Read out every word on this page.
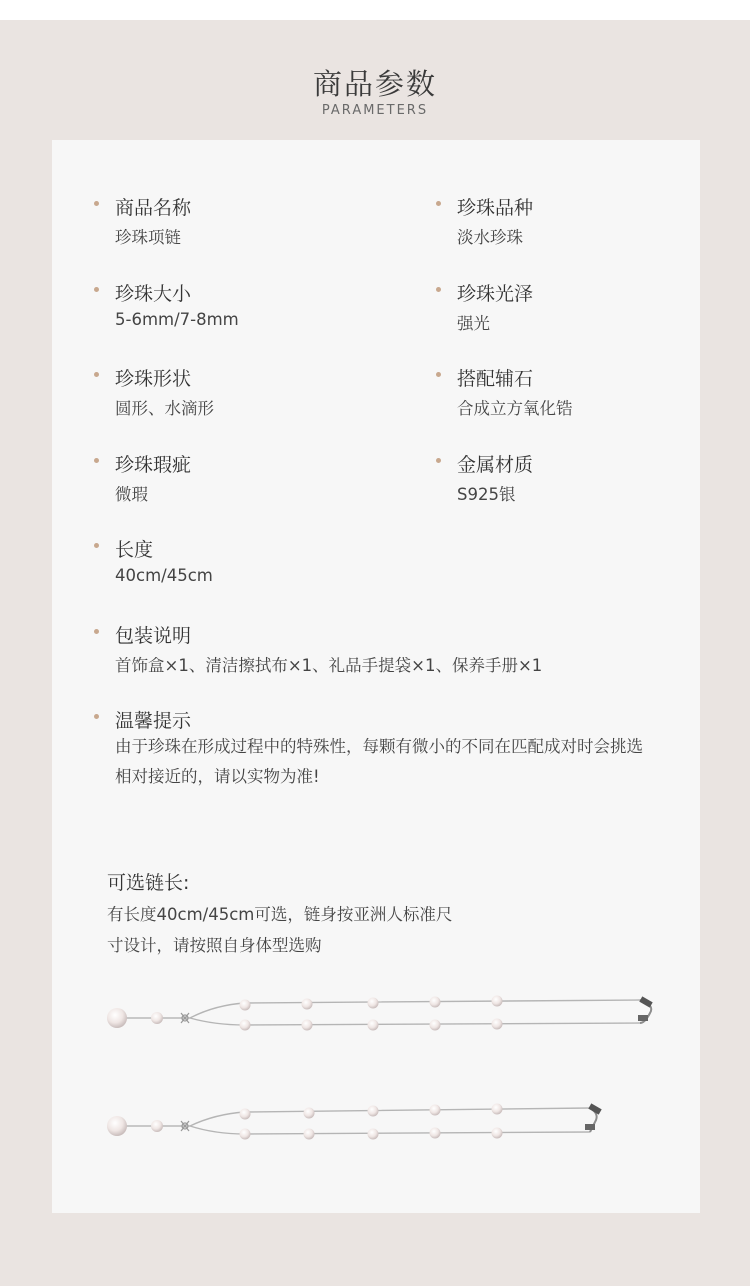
商品参数
PARAMETERS
商品名称
珍珠项链
珍珠大小
5-6mm/7-8mm
珍珠形状
圆形、水滴形
珍珠瑕疵
微瑕
长度
40cm/45cm
珍珠品种
淡水珍珠
珍珠光泽
强光
搭配辅石
合成立方氧化锆
金属材质
S925银
包装说明
首饰盒×1、清洁擦拭布×1、礼品手提袋×1、保养手册×1
温馨提示
由于珍珠在形成过程中的特殊性，每颗有微小的不同在匹配成对时会挑选相对接近的，请以实物为准!
可选链长:
有长度40cm/45cm可选，链身按亚洲人标准尺寸设计，请按照自身体型选购
